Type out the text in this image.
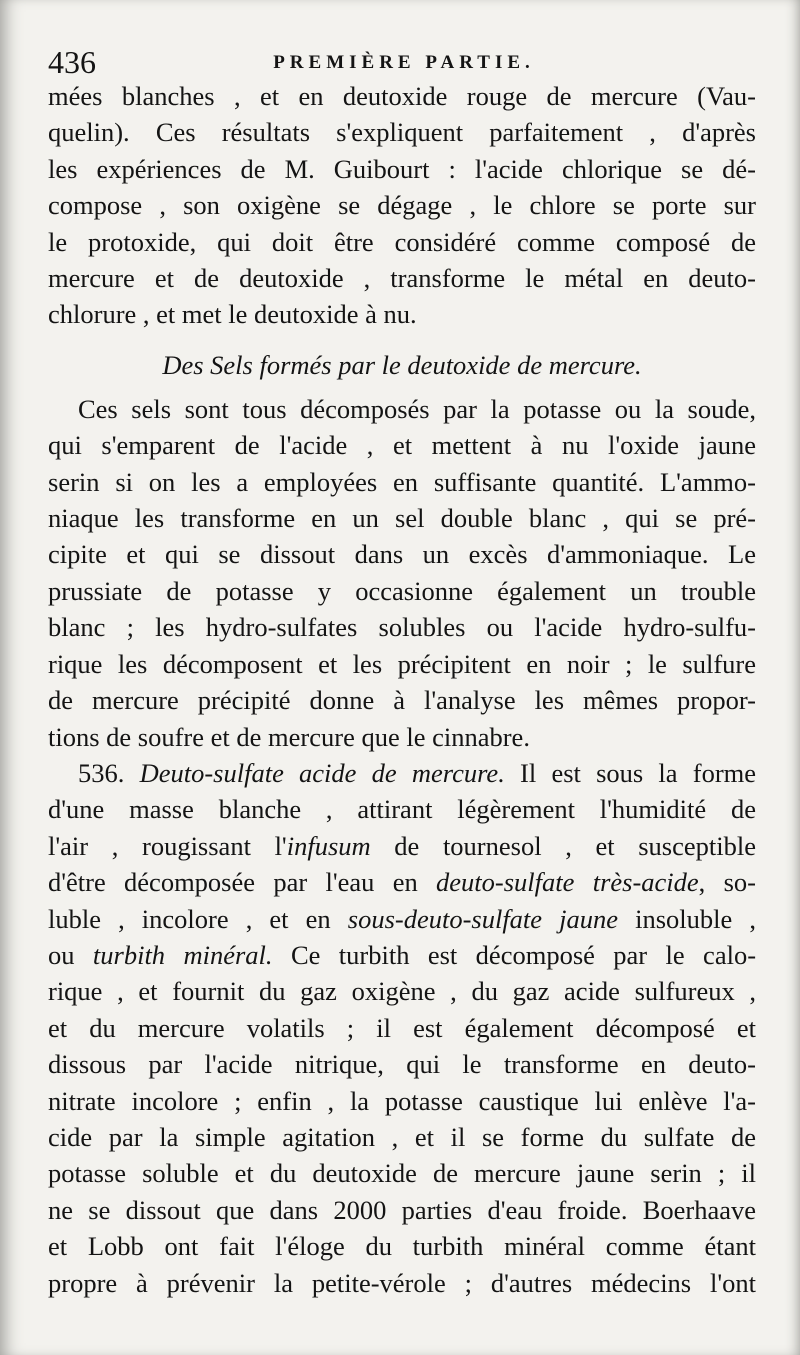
436	PREMIÈRE PARTIE.

mées blanches , et en deutoxide rouge de mercure (Vau-
quelin). Ces résultats s'expliquent parfaitement , d'après
les expériences de M. Guibourt : l'acide chlorique se dé-
compose , son oxigène se dégage , le chlore se porte sur
le protoxide, qui doit être considéré comme composé de
mercure et de deutoxide , transforme le métal en deuto-
chlorure , et met le deutoxide à nu.

Des Sels formés par le deutoxide de mercure.

Ces sels sont tous décomposés par la potasse ou la soude,
qui s'emparent de l'acide , et mettent à nu l'oxide jaune
serin si on les a employées en suffisante quantité. L'ammo-
niaque les transforme en un sel double blanc , qui se pré-
cipite et qui se dissout dans un excès d'ammoniaque. Le
prussiate de potasse y occasionne également un trouble
blanc ; les hydro-sulfates solubles ou l'acide hydro-sulfu-
rique les décomposent et les précipitent en noir ; le sulfure
de mercure précipité donne à l'analyse les mêmes propor-
tions de soufre et de mercure que le cinnabre.

536. Deuto-sulfate acide de mercure. Il est sous la forme
d'une masse blanche , attirant légèrement l'humidité de
l'air , rougissant l'infusum de tournesol , et susceptible
d'être décomposée par l'eau en deuto-sulfate très-acide, so-
luble , incolore , et en sous-deuto-sulfate jaune insoluble ,
ou turbith minéral. Ce turbith est décomposé par le calo-
rique , et fournit du gaz oxigène , du gaz acide sulfureux ,
et du mercure volatils ; il est également décomposé et
dissous par l'acide nitrique, qui le transforme en deuto-
nitrate incolore ; enfin , la potasse caustique lui enlève l'a-
cide par la simple agitation , et il se forme du sulfate de
potasse soluble et du deutoxide de mercure jaune serin ; il
ne se dissout que dans 2000 parties d'eau froide. Boerhaave
et Lobb ont fait l'éloge du turbith minéral comme étant
propre à prévenir la petite-vérole ; d'autres médecins l'ont
